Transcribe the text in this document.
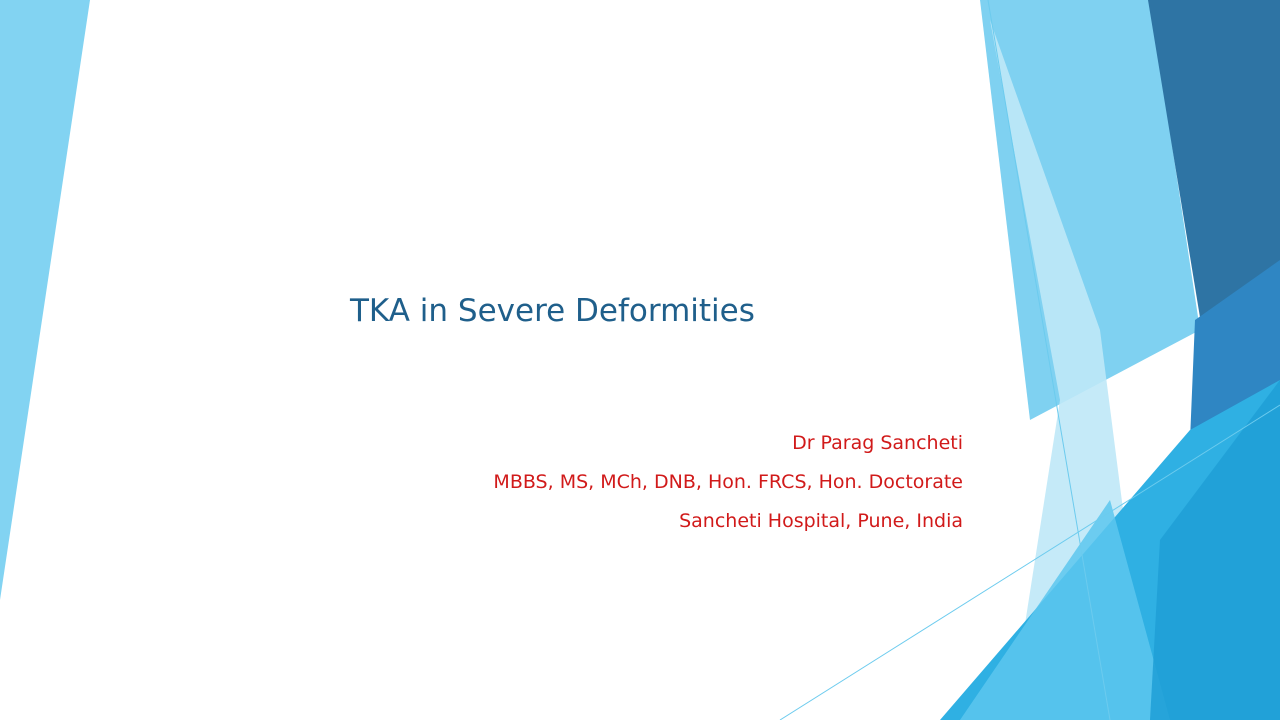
TKA in Severe Deformities
Dr Parag Sancheti
MBBS, MS, MCh, DNB, Hon. FRCS, Hon. Doctorate
Sancheti Hospital, Pune, India
